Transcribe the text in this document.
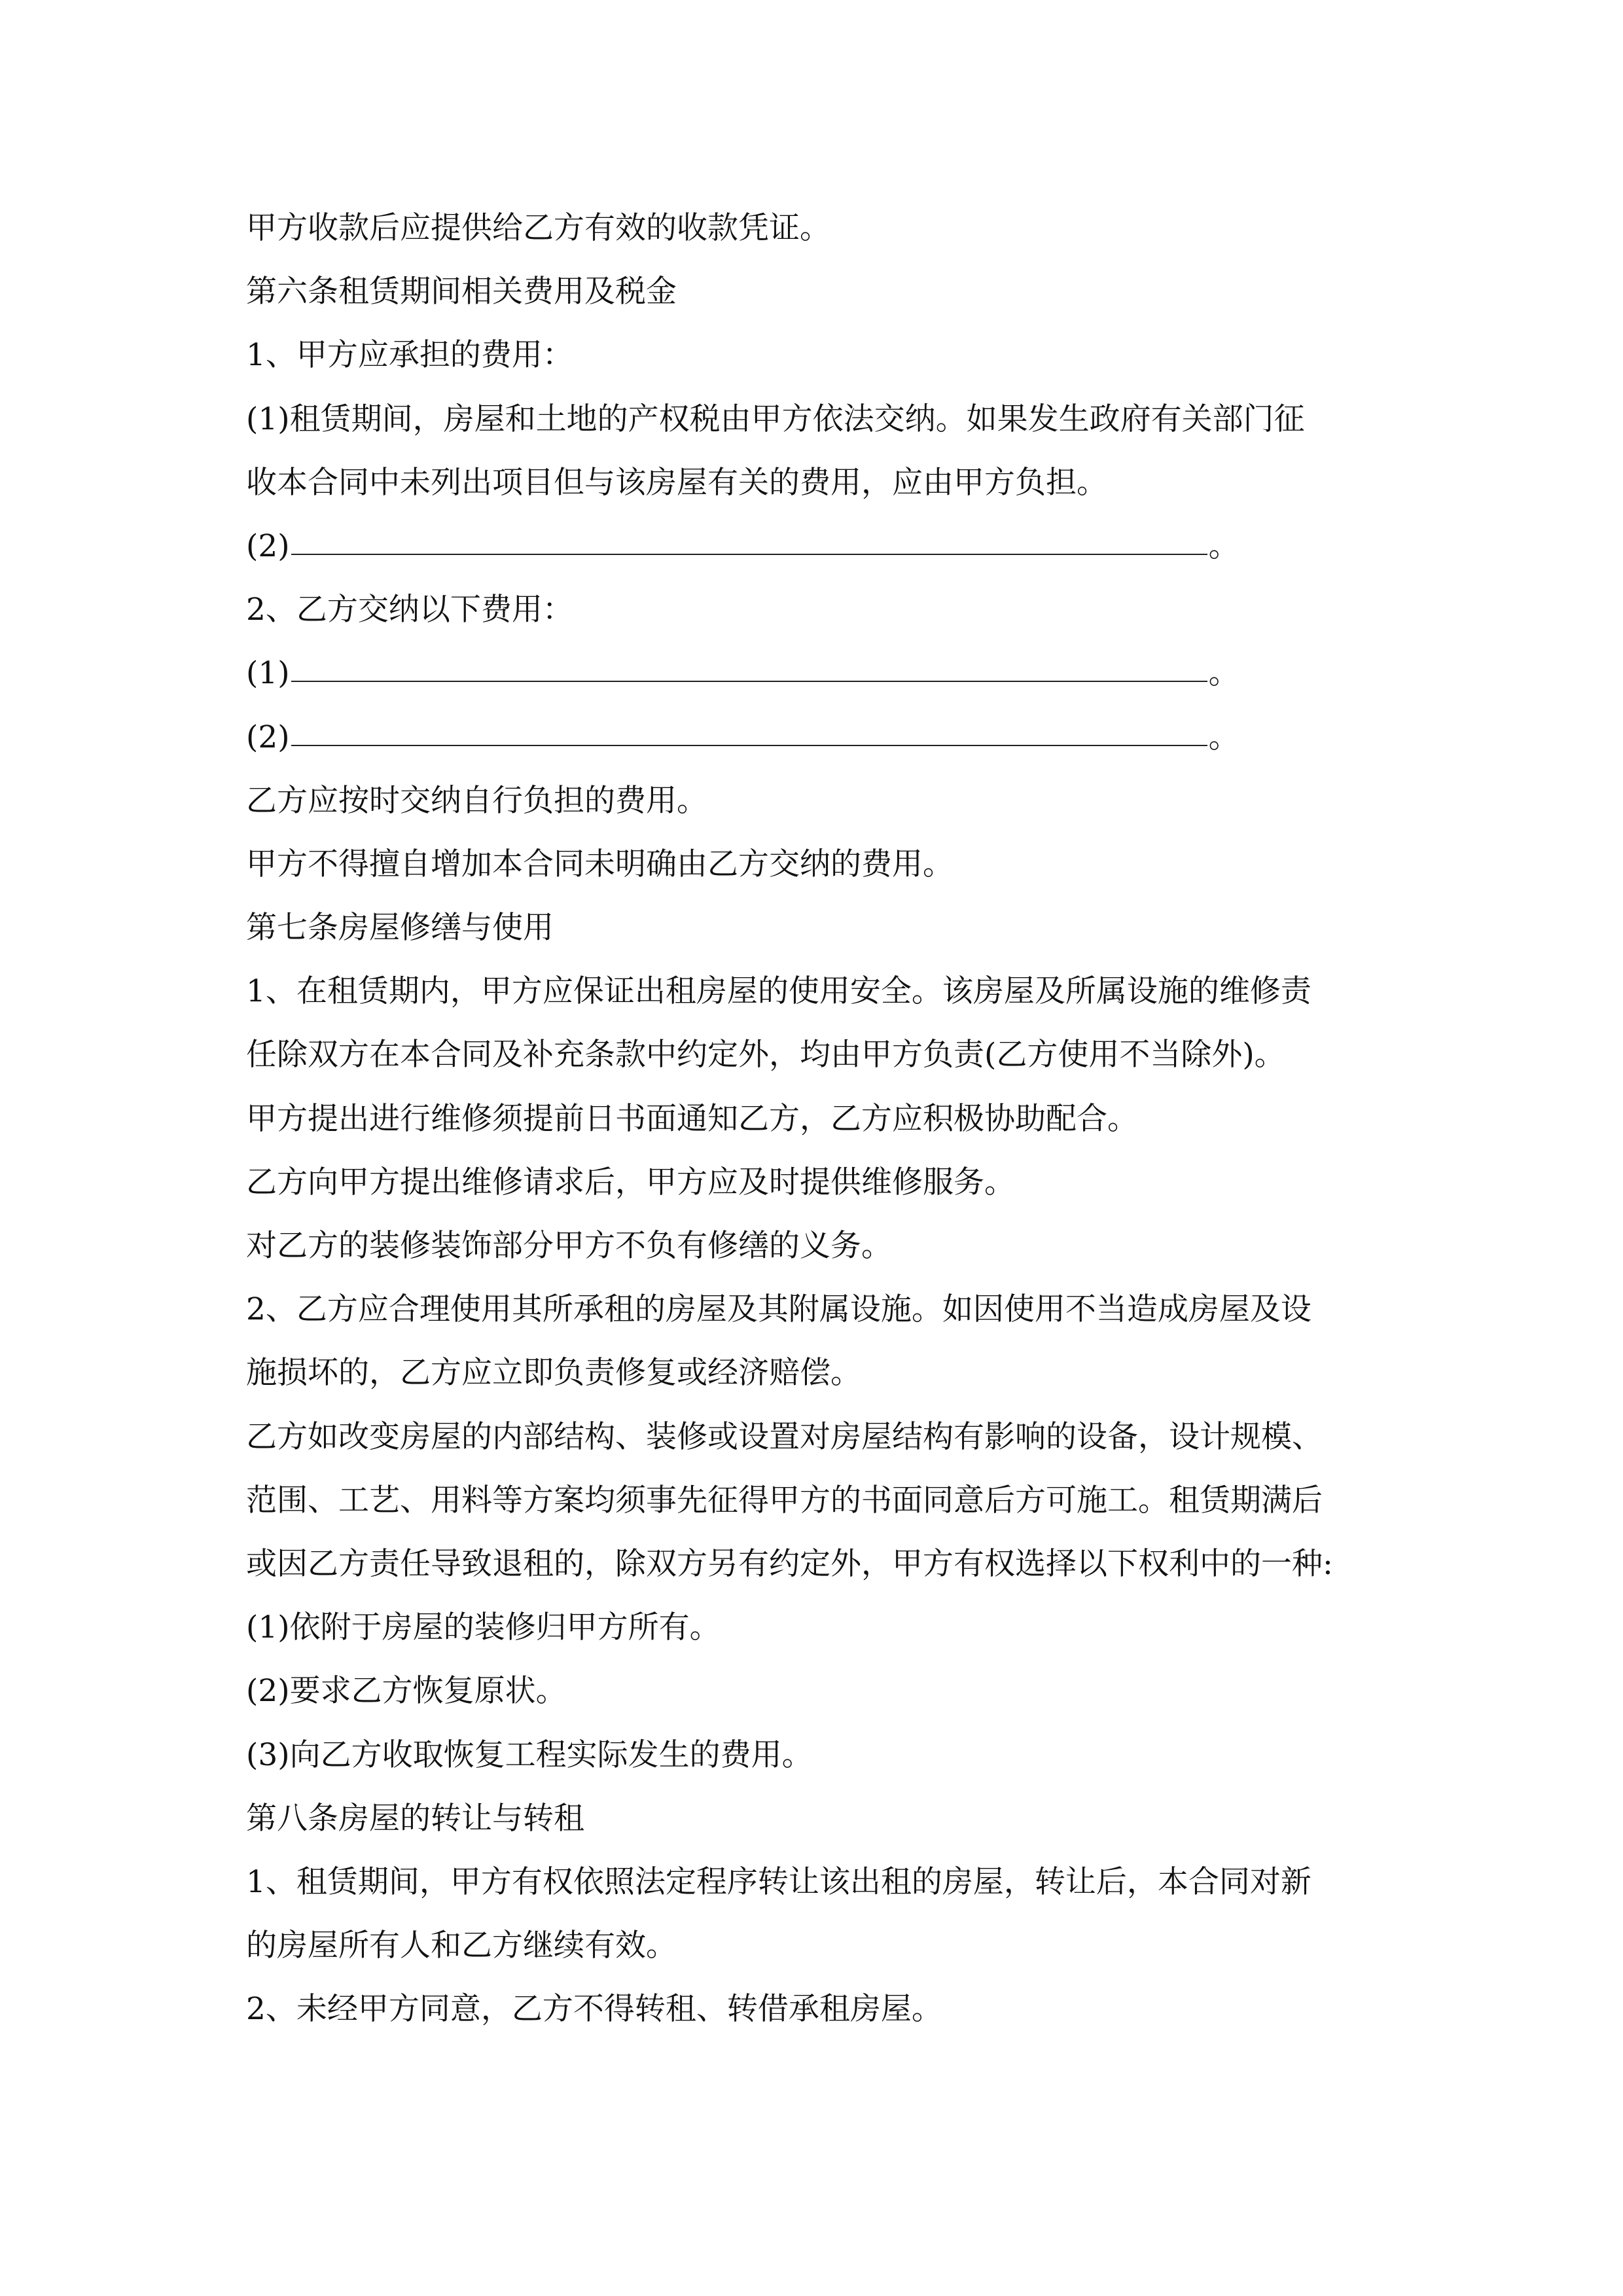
甲方收款后应提供给乙方有效的收款凭证。
第六条租赁期间相关费用及税金
1、甲方应承担的费用：
(1)租赁期间，房屋和土地的产权税由甲方依法交纳。如果发生政府有关部门征
收本合同中未列出项目但与该房屋有关的费用，应由甲方负担。
(2)	。
2、乙方交纳以下费用：
(1)	。
(2)	。
乙方应按时交纳自行负担的费用。
甲方不得擅自增加本合同未明确由乙方交纳的费用。
第七条房屋修缮与使用
1、在租赁期内，甲方应保证出租房屋的使用安全。该房屋及所属设施的维修责
任除双方在本合同及补充条款中约定外，均由甲方负责(乙方使用不当除外)。
甲方提出进行维修须提前日书面通知乙方，乙方应积极协助配合。
乙方向甲方提出维修请求后，甲方应及时提供维修服务。
对乙方的装修装饰部分甲方不负有修缮的义务。
2、乙方应合理使用其所承租的房屋及其附属设施。如因使用不当造成房屋及设
施损坏的，乙方应立即负责修复或经济赔偿。
乙方如改变房屋的内部结构、装修或设置对房屋结构有影响的设备，设计规模、
范围、工艺、用料等方案均须事先征得甲方的书面同意后方可施工。租赁期满后
或因乙方责任导致退租的，除双方另有约定外，甲方有权选择以下权利中的一种:
(1)依附于房屋的装修归甲方所有。
(2)要求乙方恢复原状。
(3)向乙方收取恢复工程实际发生的费用。
第八条房屋的转让与转租
1、租赁期间，甲方有权依照法定程序转让该出租的房屋，转让后，本合同对新
的房屋所有人和乙方继续有效。
2、未经甲方同意，乙方不得转租、转借承租房屋。
